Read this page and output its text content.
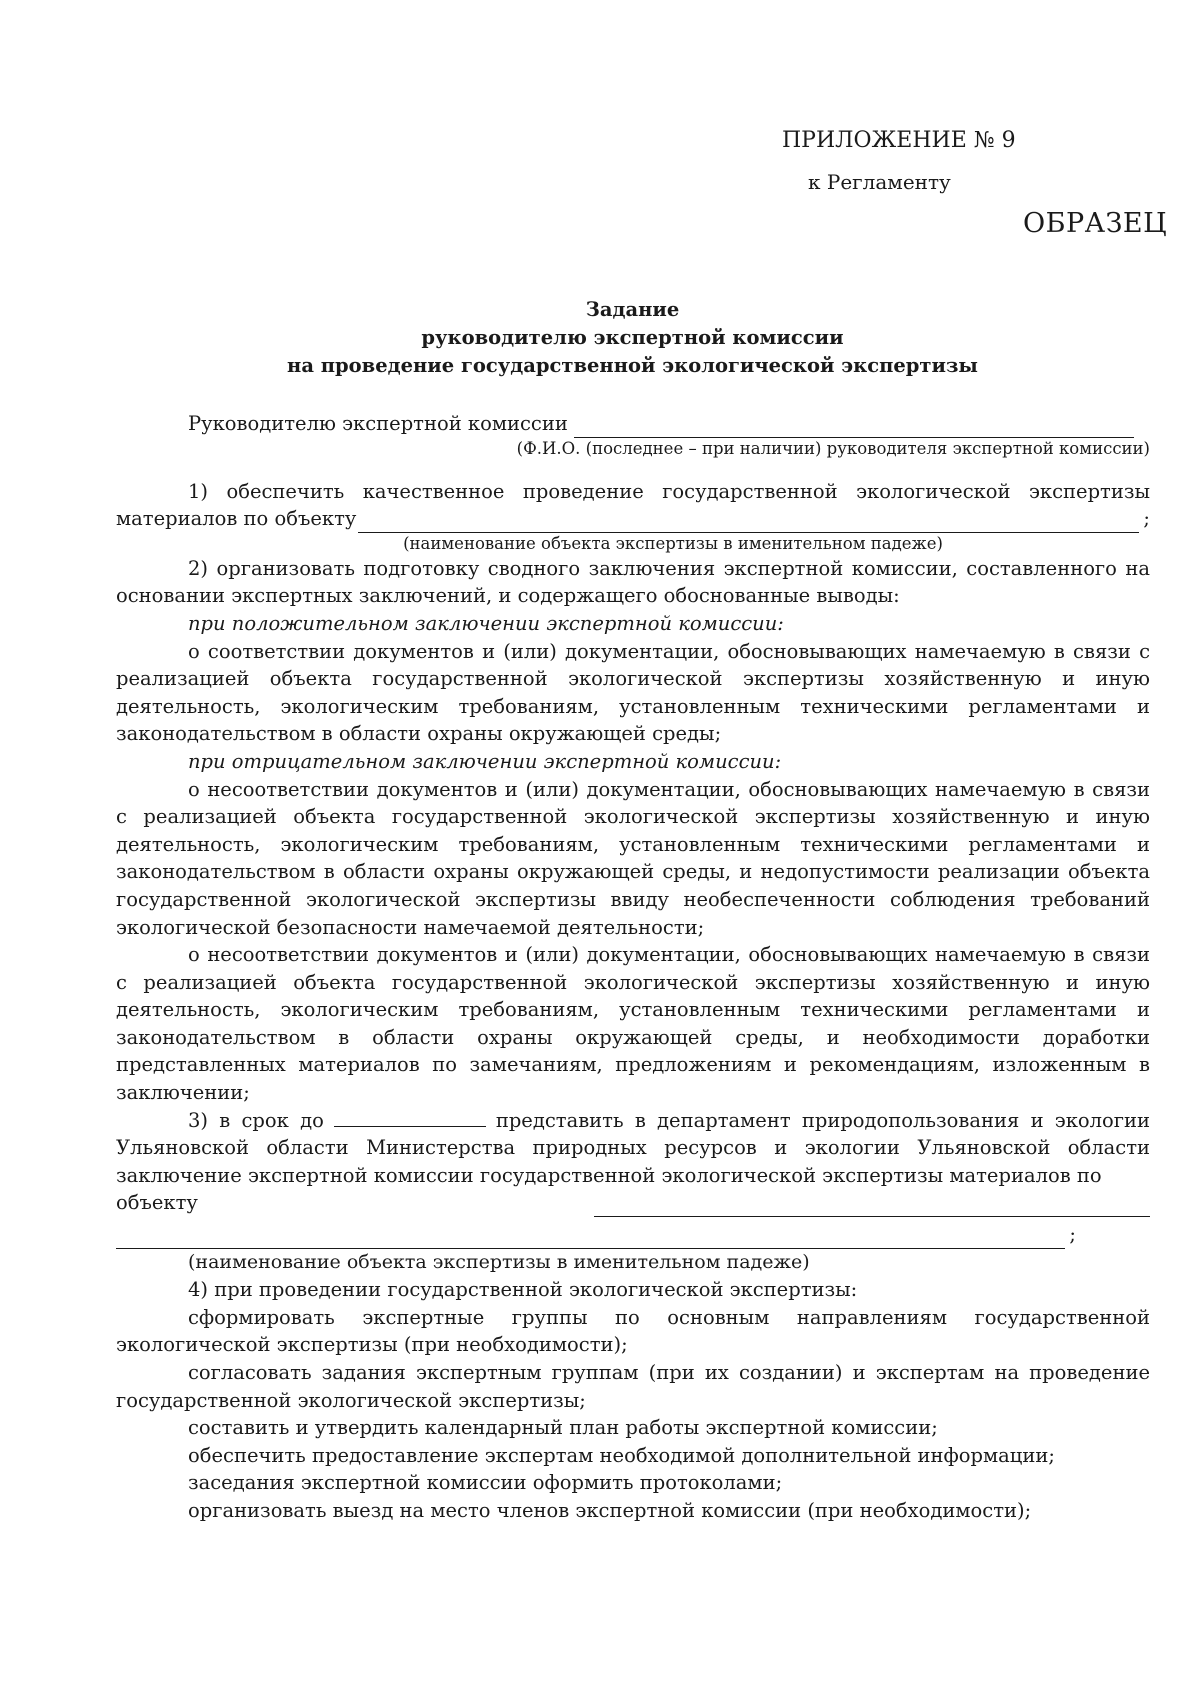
ПРИЛОЖЕНИЕ № 9
к Регламенту
ОБРАЗЕЦ
Задание
руководителю экспертной комиссии
на проведение государственной экологической экспертизы
Руководителю экспертной комиссии
(Ф.И.О. (последнее – при наличии) руководителя экспертной комиссии)

1) обеспечить качественное проведение государственной экологической экспертизы

материалов по объекту	;
(наименование объекта экспертизы в именительном падеже)

2) организовать подготовку сводного заключения экспертной комиссии, составленного на основании экспертных заключений, и содержащего обоснованные выводы:

при положительном заключении экспертной комиссии:

о соответствии документов и (или) документации, обосновывающих намечаемую в связи с реализацией объекта государственной экологической экспертизы хозяйственную и иную деятельность, экологическим требованиям, установленным техническими регламентами и законодательством в области охраны окружающей среды;

при отрицательном заключении экспертной комиссии:

о несоответствии документов и (или) документации, обосновывающих намечаемую в связи с реализацией объекта государственной экологической экспертизы хозяйственную и иную деятельность, экологическим требованиям, установленным техническими регламентами и законодательством в области охраны окружающей среды, и недопустимости реализации объекта государственной экологической экспертизы ввиду необеспеченности соблюдения требований экологической безопасности намечаемой деятельности;

о несоответствии документов и (или) документации, обосновывающих намечаемую в связи с реализацией объекта государственной экологической экспертизы хозяйственную и иную деятельность, экологическим требованиям, установленным техническими регламентами и законодательством в области охраны окружающей среды, и необходимости доработки представленных материалов по замечаниям, предложениям и рекомендациям, изложенным в заключении;

3) в срок до	представить в департамент природопользования и экологии Ульяновской области Министерства природных ресурсов и экологии Ульяновской области заключение экспертной комиссии государственной экологической экспертизы материалов по

объекту
;

(наименование объекта экспертизы в именительном падеже)

4) при проведении государственной экологической экспертизы:

сформировать экспертные группы по основным направлениям государственной экологической экспертизы (при необходимости);

согласовать задания экспертным группам (при их создании) и экспертам на проведение государственной экологической экспертизы;

составить и утвердить календарный план работы экспертной комиссии;

обеспечить предоставление экспертам необходимой дополнительной информации;

заседания экспертной комиссии оформить протоколами;

организовать выезд на место членов экспертной комиссии (при необходимости);
